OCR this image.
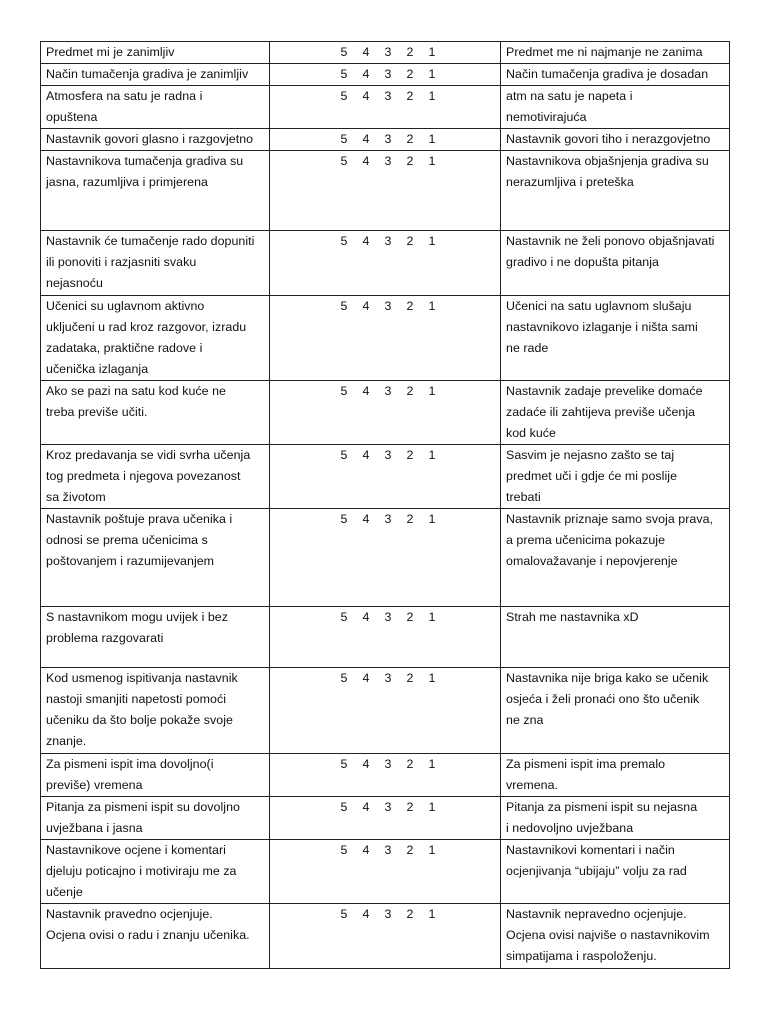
Predmet mi je zanimljiv	5 4 3 2 1	Predmet me ni najmanje ne zanima

Način tumačenja gradiva je zanimljiv	5 4 3 2 1	Način tumačenja gradiva je dosadan

Atmosfera na satu je radna i
opuštena	5 4 3 2 1	atm na satu je napeta i
nemotivirajuća

Nastavnik govori glasno i razgovjetno	5 4 3 2 1	Nastavnik govori tiho i nerazgovjetno

Nastavnikova tumačenja gradiva su
jasna, razumljiva i primjerena	5 4 3 2 1	Nastavnikova objašnjenja gradiva su
nerazumljiva i preteška

Nastavnik će tumačenje rado dopuniti
ili ponoviti i razjasniti svaku
nejasnoću	5 4 3 2 1	Nastavnik ne želi ponovo objašnjavati
gradivo i ne dopušta pitanja

Učenici su uglavnom aktivno
uključeni u rad kroz razgovor, izradu
zadataka, praktične radove i
učenička izlaganja	5 4 3 2 1	Učenici na satu uglavnom slušaju
nastavnikovo izlaganje i ništa sami
ne rade

Ako se pazi na satu kod kuće ne
treba previše učiti.	5 4 3 2 1	Nastavnik zadaje prevelike domaće
zadaće ili zahtijeva previše učenja
kod kuće

Kroz predavanja se vidi svrha učenja
tog predmeta i njegova povezanost
sa životom	5 4 3 2 1	Sasvim je nejasno zašto se taj
predmet uči i gdje će mi poslije
trebati

Nastavnik poštuje prava učenika i
odnosi se prema učenicima s
poštovanjem i razumijevanjem	5 4 3 2 1	Nastavnik priznaje samo svoja prava,
a prema učenicima pokazuje
omalovažavanje i nepovjerenje

S nastavnikom mogu uvijek i bez
problema razgovarati	5 4 3 2 1	Strah me nastavnika xD

Kod usmenog ispitivanja nastavnik
nastoji smanjiti napetosti pomoći
učeniku da što bolje pokaže svoje
znanje.	5 4 3 2 1	Nastavnika nije briga kako se učenik
osjeća i želi pronaći ono što učenik
ne zna

Za pismeni ispit ima dovoljno(i
previšе) vremena	5 4 3 2 1	Za pismeni ispit ima premalo
vremena.

Pitanja za pismeni ispit su dovoljno
uvježbana i jasna	5 4 3 2 1	Pitanja za pismeni ispit su nejasna
i nedovoljno uvježbana

Nastavnikove ocjene i komentari
djeluju poticajno i motiviraju me za
učenje	5 4 3 2 1	Nastavnikovi komentari i način
ocjenjivanja “ubijaju” volju za rad

Nastavnik pravedno ocjenjuje.
Ocjena ovisi o radu i znanju učenika.	5 4 3 2 1	Nastavnik nepravedno ocjenjuje.
Ocjena ovisi najviše o nastavnikovim
simpatijama i raspoloženju.
